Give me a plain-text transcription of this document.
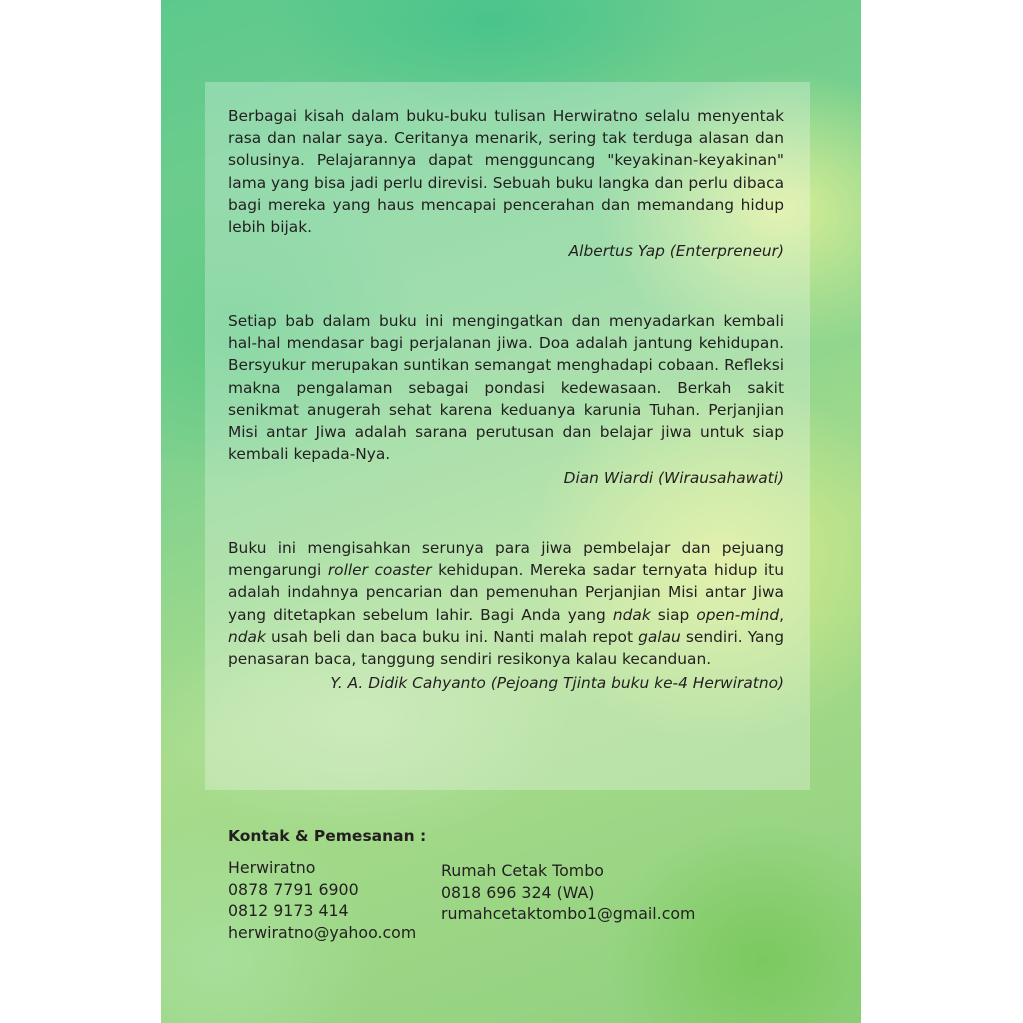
Berbagai kisah dalam buku-buku tulisan Herwiratno selalu menyentak rasa dan nalar saya. Ceritanya menarik, sering tak terduga alasan dan solusinya. Pelajarannya dapat mengguncang "keyakinan-keyakinan" lama yang bisa jadi perlu direvisi. Sebuah buku langka dan perlu dibaca bagi mereka yang haus mencapai pencerahan dan memandang hidup lebih bijak.

Albertus Yap (Enterpreneur)

Setiap bab dalam buku ini mengingatkan dan menyadarkan kembali hal-hal mendasar bagi perjalanan jiwa. Doa adalah jantung kehidupan. Bersyukur merupakan suntikan semangat menghadapi cobaan. Refleksi makna pengalaman sebagai pondasi kedewasaan. Berkah sakit senikmat anugerah sehat karena keduanya karunia Tuhan. Perjanjian Misi antar Jiwa adalah sarana perutusan dan belajar jiwa untuk siap kembali kepada-Nya.

Dian Wiardi (Wirausahawati)

Buku ini mengisahkan serunya para jiwa pembelajar dan pejuang mengarungi roller coaster kehidupan. Mereka sadar ternyata hidup itu adalah indahnya pencarian dan pemenuhan Perjanjian Misi antar Jiwa yang ditetapkan sebelum lahir. Bagi Anda yang ndak siap open-mind, ndak usah beli dan baca buku ini. Nanti malah repot galau sendiri. Yang penasaran baca, tanggung sendiri resikonya kalau kecanduan.

Y. A. Didik Cahyanto (Pejoang Tjinta buku ke-4 Herwiratno)
Kontak & Pemesanan :
Herwiratno
0878 7791 6900
0812 9173 414
herwiratno@yahoo.com
Rumah Cetak Tombo
0818 696 324 (WA)
rumahcetaktombo1@gmail.com
